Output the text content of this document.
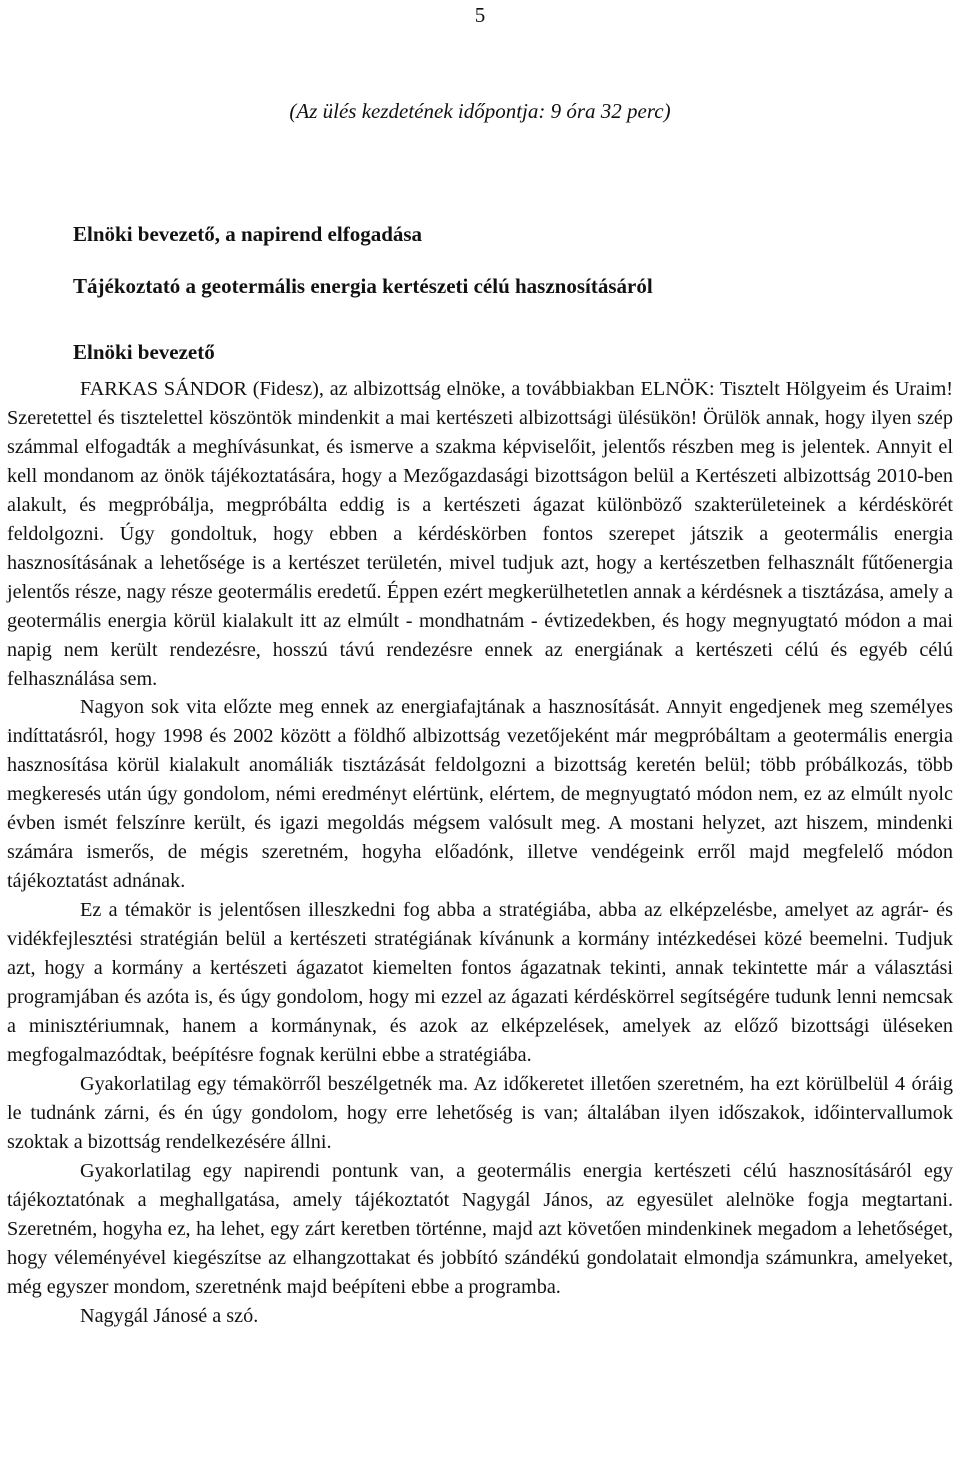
5
(Az ülés kezdetének időpontja: 9 óra 32 perc)
Elnöki bevezető, a napirend elfogadása
Tájékoztató a geotermális energia kertészeti célú hasznosításáról
Elnöki bevezető

FARKAS SÁNDOR (Fidesz), az albizottság elnöke, a továbbiakban ELNÖK: Tisztelt Hölgyeim és Uraim! Szeretettel és tisztelettel köszöntök mindenkit a mai kertészeti albizottsági ülésükön! Örülök annak, hogy ilyen szép számmal elfogadták a meghívásunkat, és ismerve a szakma képviselőit, jelentős részben meg is jelentek. Annyit el kell mondanom az önök tájékoztatására, hogy a Mezőgazdasági bizottságon belül a Kertészeti albizottság 2010-ben alakult, és megpróbálja, megpróbálta eddig is a kertészeti ágazat különböző szakterületeinek a kérdéskörét feldolgozni. Úgy gondoltuk, hogy ebben a kérdéskörben fontos szerepet játszik a geotermális energia hasznosításának a lehetősége is a kertészet területén, mivel tudjuk azt, hogy a kertészetben felhasznált fűtőenergia jelentős része, nagy része geotermális eredetű. Éppen ezért megkerülhetetlen annak a kérdésnek a tisztázása, amely a geotermális energia körül kialakult itt az elmúlt - mondhatnám - évtizedekben, és hogy megnyugtató módon a mai napig nem került rendezésre, hosszú távú rendezésre ennek az energiának a kertészeti célú és egyéb célú felhasználása sem.

Nagyon sok vita előzte meg ennek az energiafajtának a hasznosítását. Annyit engedjenek meg személyes indíttatásról, hogy 1998 és 2002 között a földhő albizottság vezetőjeként már megpróbáltam a geotermális energia hasznosítása körül kialakult anomáliák tisztázását feldolgozni a bizottság keretén belül; több próbálkozás, több megkeresés után úgy gondolom, némi eredményt elértünk, elértem, de megnyugtató módon nem, ez az elmúlt nyolc évben ismét felszínre került, és igazi megoldás mégsem valósult meg. A mostani helyzet, azt hiszem, mindenki számára ismerős, de mégis szeretném, hogyha előadónk, illetve vendégeink erről majd megfelelő módon tájékoztatást adnának.

Ez a témakör is jelentősen illeszkedni fog abba a stratégiába, abba az elképzelésbe, amelyet az agrár- és vidékfejlesztési stratégián belül a kertészeti stratégiának kívánunk a kormány intézkedései közé beemelni. Tudjuk azt, hogy a kormány a kertészeti ágazatot kiemelten fontos ágazatnak tekinti, annak tekintette már a választási programjában és azóta is, és úgy gondolom, hogy mi ezzel az ágazati kérdéskörrel segítségére tudunk lenni nemcsak a minisztériumnak, hanem a kormánynak, és azok az elképzelések, amelyek az előző bizottsági üléseken megfogalmazódtak, beépítésre fognak kerülni ebbe a stratégiába.

Gyakorlatilag egy témakörről beszélgetnék ma. Az időkeretet illetően szeretném, ha ezt körülbelül 4 óráig le tudnánk zárni, és én úgy gondolom, hogy erre lehetőség is van; általában ilyen időszakok, időintervallumok szoktak a bizottság rendelkezésére állni.

Gyakorlatilag egy napirendi pontunk van, a geotermális energia kertészeti célú hasznosításáról egy tájékoztatónak a meghallgatása, amely tájékoztatót Nagygál János, az egyesület alelnöke fogja megtartani. Szeretném, hogyha ez, ha lehet, egy zárt keretben történne, majd azt követően mindenkinek megadom a lehetőséget, hogy véleményével kiegészítse az elhangzottakat és jobbító szándékú gondolatait elmondja számunkra, amelyeket, még egyszer mondom, szeretnénk majd beépíteni ebbe a programba.

Nagygál Jánosé a szó.
